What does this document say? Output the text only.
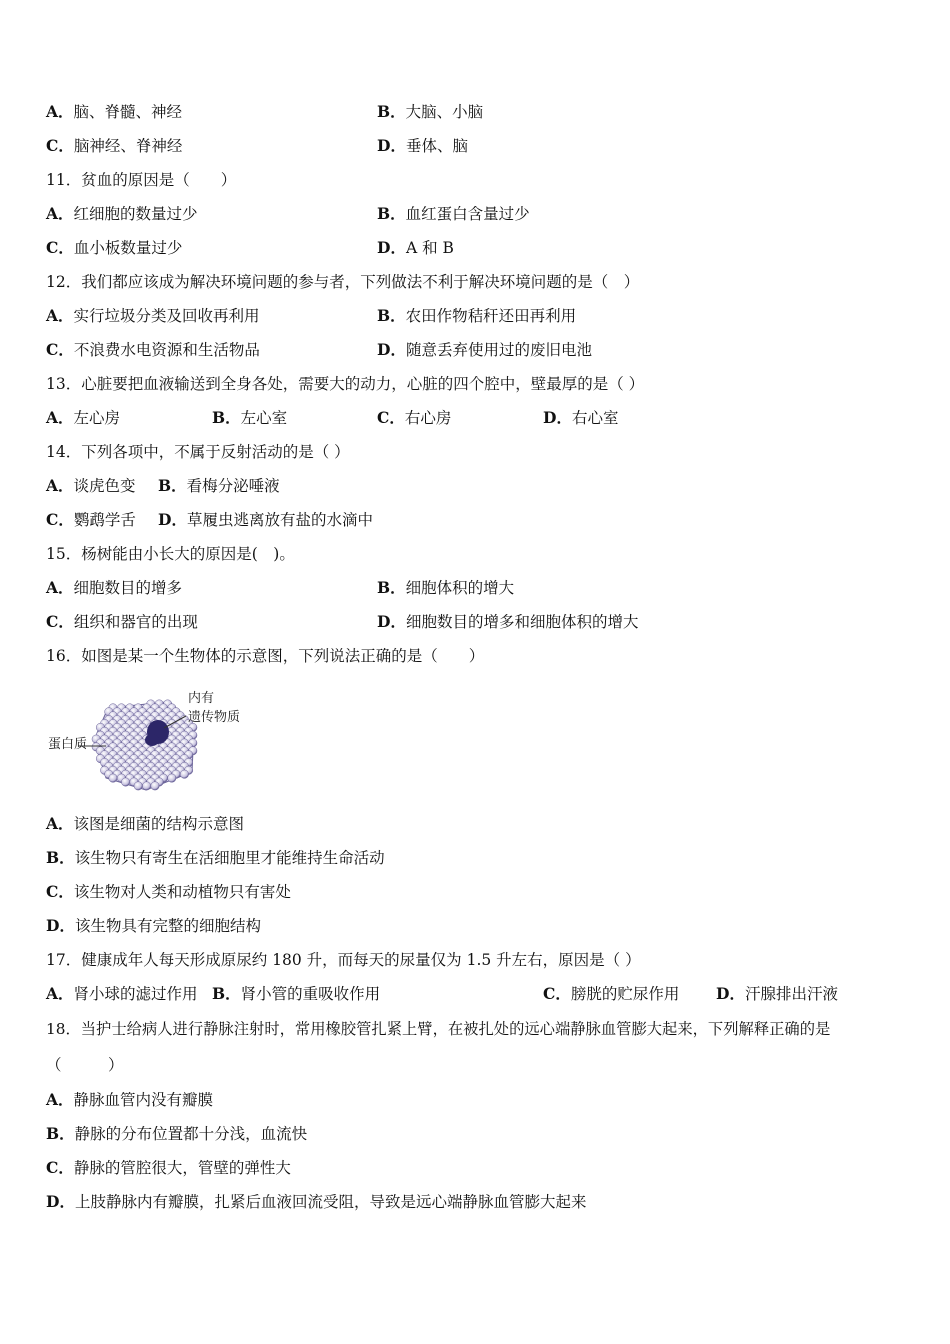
A．脑、脊髓、神经	B．大脑、小脑
C．脑神经、脊神经	D．垂体、脑
11．贫血的原因是（　　）
A．红细胞的数量过少	B．血红蛋白含量过少
C．血小板数量过少	D．A 和 B
12．我们都应该成为解决环境问题的参与者，下列做法不利于解决环境问题的是（　）
A．实行垃圾分类及回收再利用	B．农田作物秸秆还田再利用
C．不浪费水电资源和生活物品	D．随意丢弃使用过的废旧电池
13．心脏要把血液输送到全身各处，需要大的动力，心脏的四个腔中，壁最厚的是（ ）
A．左心房	B．左心室	C．右心房	D．右心室
14．下列各项中，不属于反射活动的是（ ）
A．谈虎色变 B．看梅分泌唾液
C．鹦鹉学舌 D．草履虫逃离放有盐的水滴中
15．杨树能由小长大的原因是(　)。
A．细胞数目的增多	B．细胞体积的增大
C．组织和器官的出现	D．细胞数目的增多和细胞体积的增大
16．如图是某一个生物体的示意图，下列说法正确的是（　　）
内有
遗传物质
蛋白质
A．该图是细菌的结构示意图
B．该生物只有寄生在活细胞里才能维持生命活动
C．该生物对人类和动植物只有害处
D．该生物具有完整的细胞结构
17．健康成年人每天形成原尿约 180 升，而每天的尿量仅为 1.5 升左右，原因是（ ）
A．肾小球的滤过作用 B．肾小管的重吸收作用	C．膀胱的贮尿作用 D．汗腺排出汗液
18．当护士给病人进行静脉注射时，常用橡胶管扎紧上臂，在被扎处的远心端静脉血管膨大起来，下列解释正确的是
（　　　）
A．静脉血管内没有瓣膜
B．静脉的分布位置都十分浅，血流快
C．静脉的管腔很大，管壁的弹性大
D．上肢静脉内有瓣膜，扎紧后血液回流受阻，导致是远心端静脉血管膨大起来
